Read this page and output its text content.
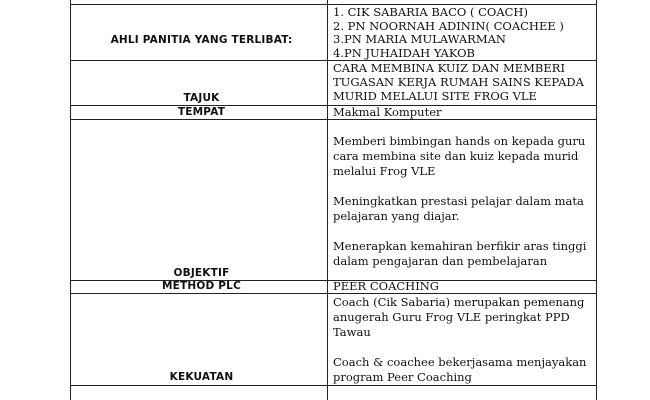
AHLI PANITIA YANG TERLIBAT:
1. CIK SABARIA BACO ( COACH)
2. PN NOORNAH ADININ( COACHEE )
3.PN MARIA MULAWARMAN
4.PN JUHAIDAH YAKOB
TAJUK
CARA MEMBINA KUIZ DAN MEMBERI
TUGASAN KERJA RUMAH SAINS KEPADA
MURID MELALUI SITE FROG VLE
TEMPAT	Makmal Komputer
OBJEKTIF
Memberi bimbingan hands on kepada guru
cara membina site dan kuiz kepada murid
melalui Frog VLE
Meningkatkan prestasi pelajar dalam mata
pelajaran yang diajar.
Menerapkan kemahiran berfikir aras tinggi
dalam pengajaran dan pembelajaran
METHOD PLC	PEER COACHING
KEKUATAN
Coach (Cik Sabaria) merupakan pemenang
anugerah Guru Frog VLE peringkat PPD
Tawau
Coach & coachee bekerjasama menjayakan
program Peer Coaching
